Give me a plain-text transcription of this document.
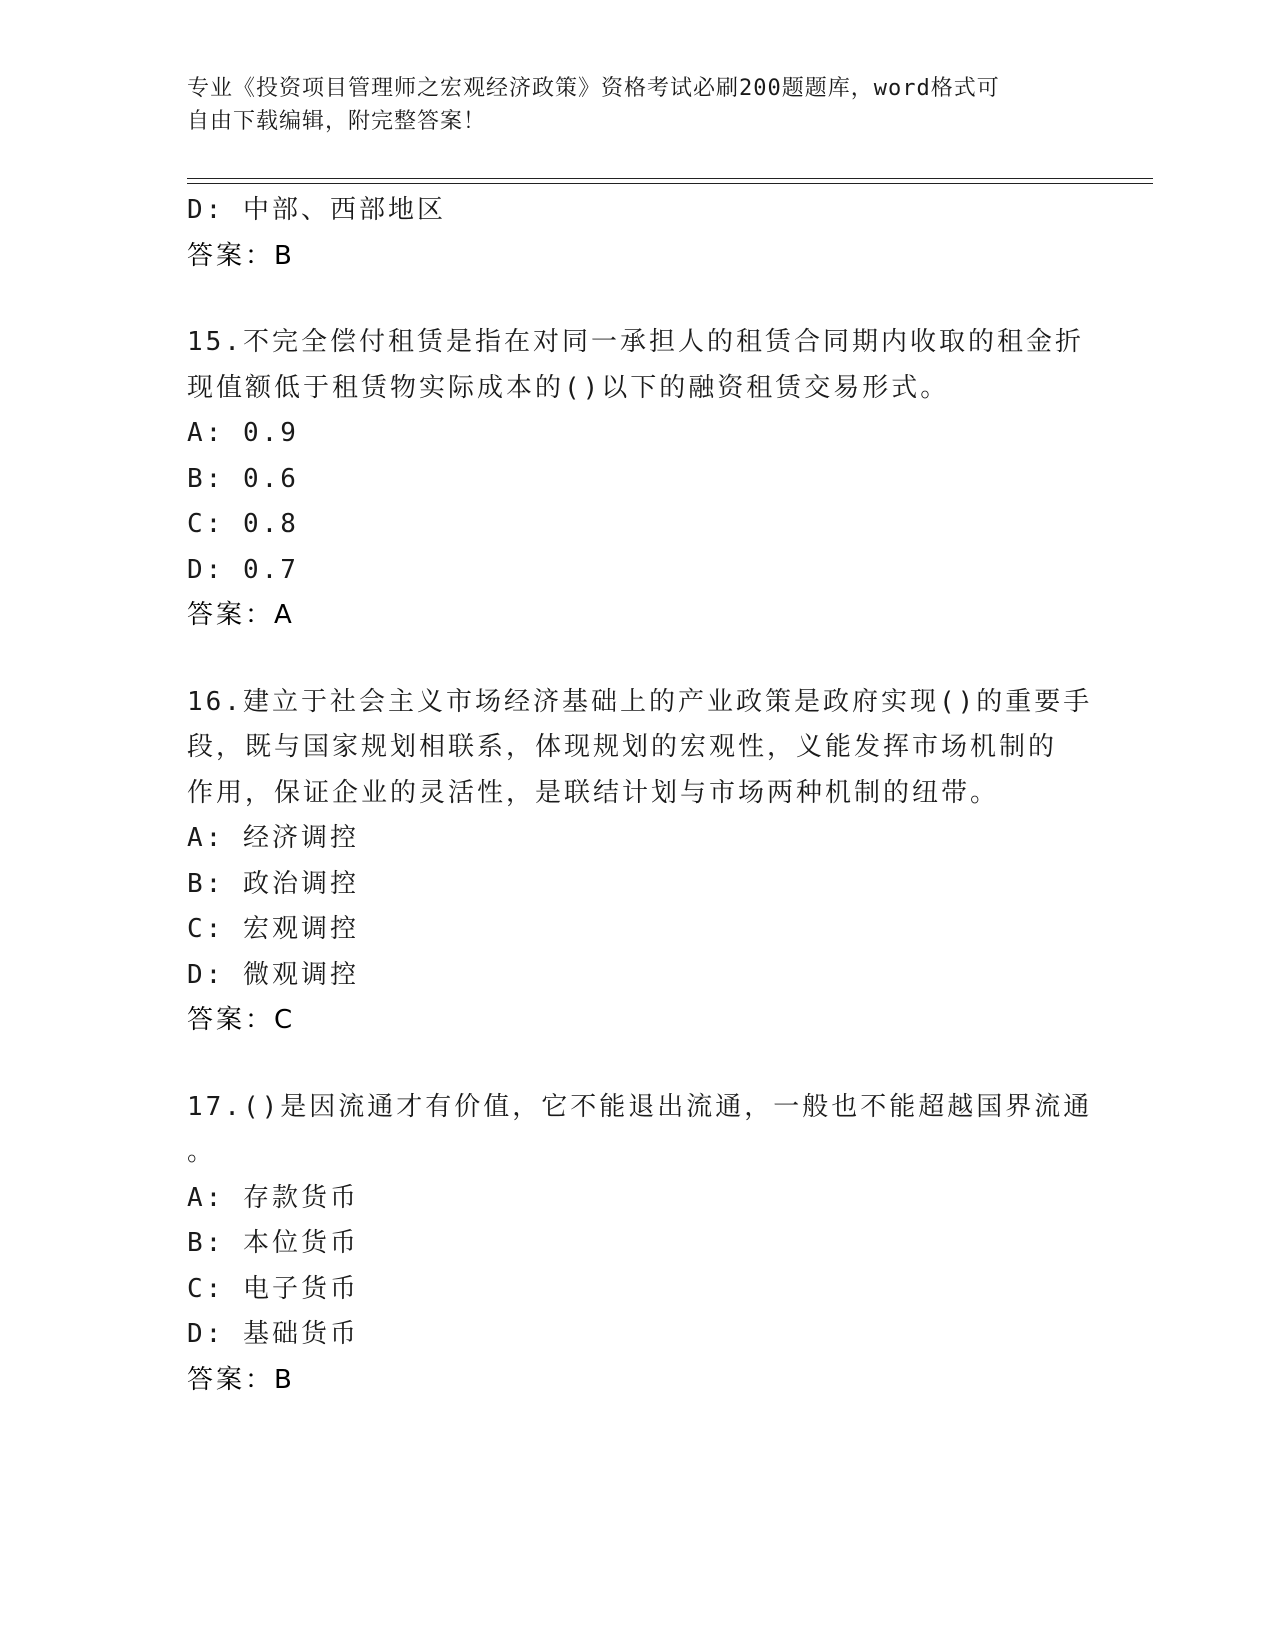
专业《投资项目管理师之宏观经济政策》资格考试必刷200题题库，word格式可
自由下载编辑，附完整答案！
D: 中部、西部地区
答案：B
15.不完全偿付租赁是指在对同一承担人的租赁合同期内收取的租金折
现值额低于租赁物实际成本的()以下的融资租赁交易形式。
A: 0.9
B: 0.6
C: 0.8
D: 0.7
答案：A
16.建立于社会主义市场经济基础上的产业政策是政府实现()的重要手
段，既与国家规划相联系，体现规划的宏观性，义能发挥市场机制的
作用，保证企业的灵活性，是联结计划与市场两种机制的纽带。
A: 经济调控
B: 政治调控
C: 宏观调控
D: 微观调控
答案：C
17.()是因流通才有价值，它不能退出流通，一般也不能超越国界流通
。
A: 存款货币
B: 本位货币
C: 电子货币
D: 基础货币
答案：B
